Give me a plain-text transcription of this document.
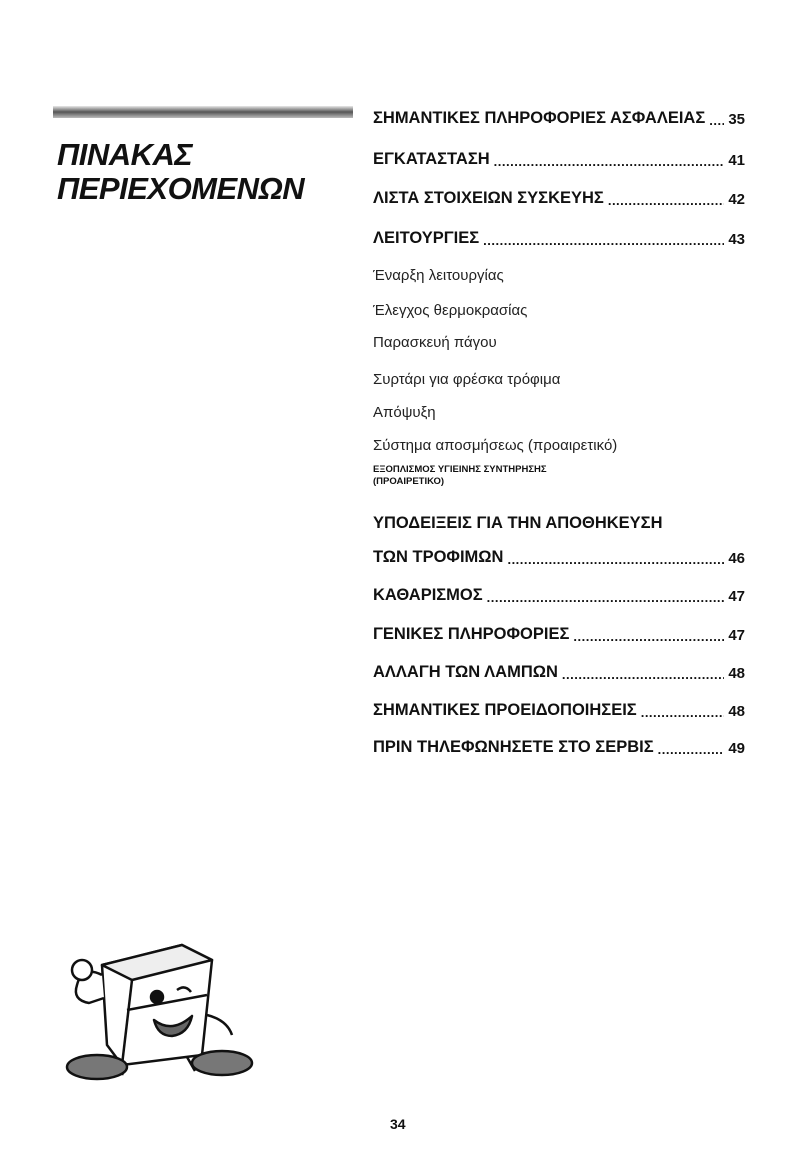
ΠΙΝΑΚΑΣ
ΠΕΡΙΕΧΟΜΕΝΩΝ
ΣΗΜΑΝΤΙΚΕΣ ΠΛΗΡΟΦΟΡΙΕΣ ΑΣΦΑΛΕΙΑΣ ..... 35
ΕΓΚΑΤΑΣΤΑΣΗ .....	41
ΛΙΣΤΑ ΣΤΟΙΧΕΙΩΝ ΣΥΣΚΕΥΗΣ .....	42
ΛΕΙΤΟΥΡΓΙΕΣ .....	43
Έναρξη λειτουργίας
Έλεγχος θερμοκρασίας
Παρασκευή πάγου
Συρτάρι για φρέσκα τρόφιμα
Απόψυξη
Σύστημα αποσμήσεως (προαιρετικό)
ΕΞΟΠΛΙΣΜΟΣ ΥΓΙΕΙΝΗΣ ΣΥΝΤΗΡΗΣΗΣ
(ΠΡΟΑΙΡΕΤΙΚΟ)
ΥΠΟΔΕΙΞΕΙΣ ΓΙΑ ΤΗΝ ΑΠΟΘΗΚΕΥΣΗ
ΤΩΝ ΤΡΟΦΙΜΩΝ .....	46
ΚΑΘΑΡΙΣΜΟΣ .....	47
ΓΕΝΙΚΕΣ ΠΛΗΡΟΦΟΡΙΕΣ .....	47
ΑΛΛΑΓΗ ΤΩΝ ΛΑΜΠΩΝ .....	48
ΣΗΜΑΝΤΙΚΕΣ ΠΡΟΕΙΔΟΠΟΙΗΣΕΙΣ .....	48
ΠΡΙΝ ΤΗΛΕΦΩΝΗΣΕΤΕ ΣΤΟ ΣΕΡΒΙΣ .....	49
34
